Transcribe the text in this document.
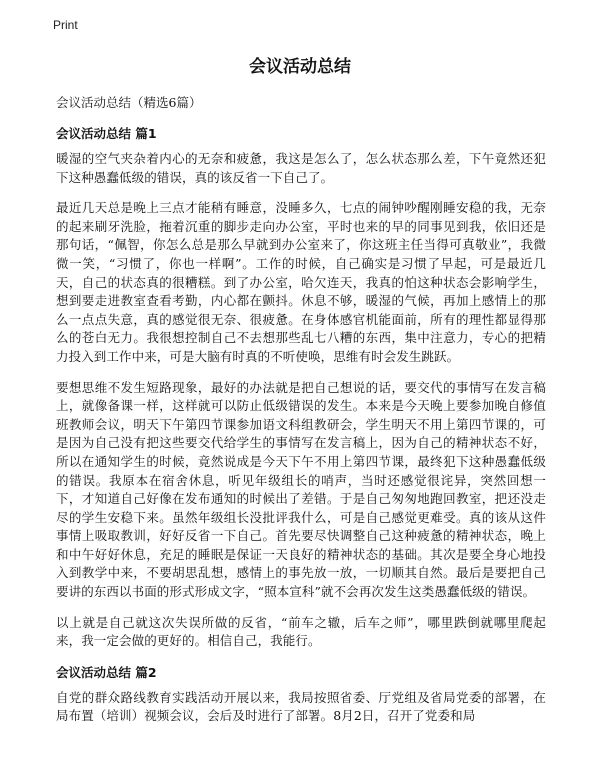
Print
会议活动总结
会议活动总结（精选6篇）
会议活动总结 篇1

暖湿的空气夹杂着内心的无奈和疲惫，我这是怎么了，怎么状态那么差，下午竟然还犯下这种愚蠢低级的错误，真的该反省一下自己了。

最近几天总是晚上三点才能稍有睡意，没睡多久，七点的闹钟吵醒刚睡安稳的我，无奈的起来刷牙洗脸，拖着沉重的脚步走向办公室，平时也来的早的同事见到我，依旧还是那句话，“佩智，你怎么总是那么早就到办公室来了，你这班主任当得可真敬业”，我微微一笑，“习惯了，你也一样啊”。工作的时候，自己确实是习惯了早起，可是最近几天，自己的状态真的很糟糕。到了办公室，哈欠连天，我真的怕这种状态会影响学生，想到要走进教室查看考勤，内心都在颤抖。休息不够，暖湿的气候，再加上感情上的那么一点点失意，真的感觉很无奈、很疲惫。在身体感官机能面前，所有的理性都显得那么的苍白无力。我很想控制自己不去想那些乱七八糟的东西，集中注意力，专心的把精力投入到工作中来，可是大脑有时真的不听使唤，思维有时会发生跳跃。

要想思维不发生短路现象，最好的办法就是把自己想说的话，要交代的事情写在发言稿上，就像备课一样，这样就可以防止低级错误的发生。本来是今天晚上要参加晚自修值班教师会议，明天下午第四节课参加语文科组教研会，学生明天不用上第四节课的，可是因为自己没有把这些要交代给学生的事情写在发言稿上，因为自己的精神状态不好，所以在通知学生的时候，竟然说成是今天下午不用上第四节课，最终犯下这种愚蠢低级的错误。我原本在宿舍休息，听见年级组长的哨声，当时还感觉很诧异，突然回想一下，才知道自己好像在发布通知的时候出了差错。于是自己匆匆地跑回教室，把还没走尽的学生安稳下来。虽然年级组长没批评我什么，可是自己感觉更难受。真的该从这件事情上吸取教训，好好反省一下自己。首先要尽快调整自己这种疲惫的精神状态，晚上和中午好好休息，充足的睡眠是保证一天良好的精神状态的基础。其次是要全身心地投入到教学中来，不要胡思乱想，感情上的事先放一放，一切顺其自然。最后是要把自己要讲的东西以书面的形式形成文字，“照本宣科”就不会再次发生这类愚蠢低级的错误。

以上就是自己就这次失误所做的反省，“前车之辙，后车之师”，哪里跌倒就哪里爬起来，我一定会做的更好的。相信自己，我能行。

会议活动总结 篇2

自党的群众路线教育实践活动开展以来，我局按照省委、厅党组及省局党委的部署，在局布置（培训）视频会议，会后及时进行了部署。8月2日，召开了党委和局
